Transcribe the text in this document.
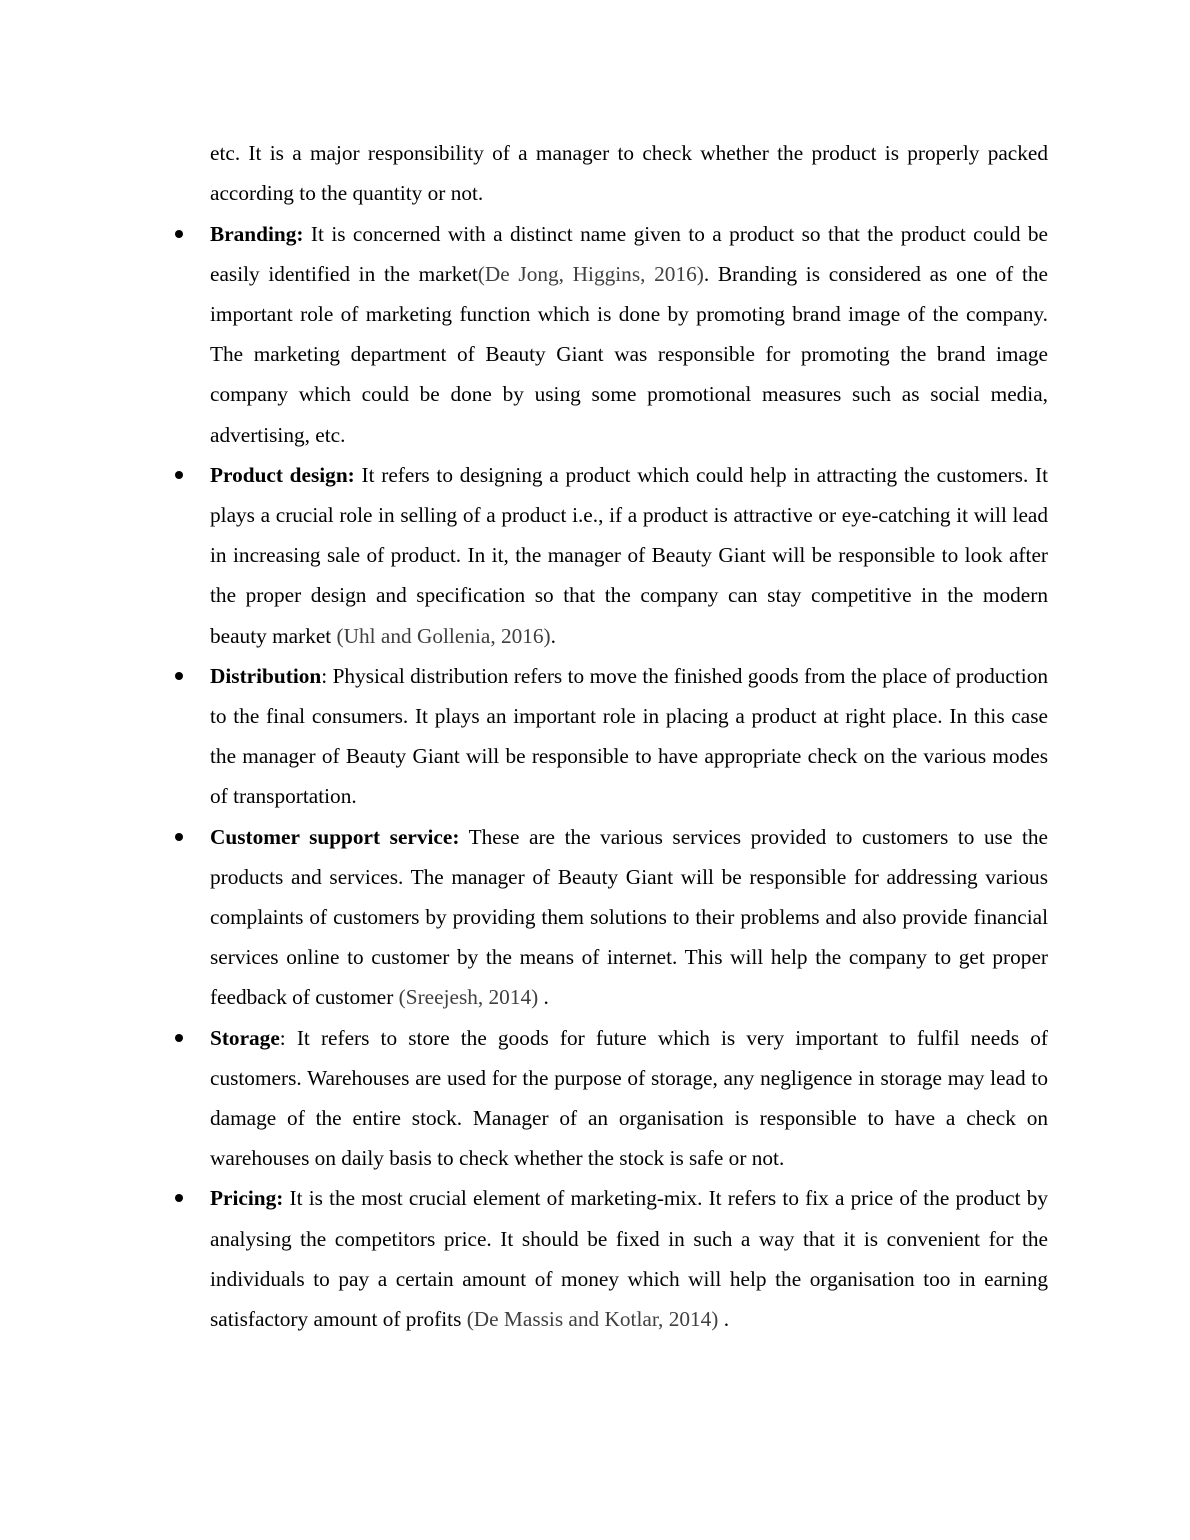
etc. It is a major responsibility of a manager to check whether the product is properly packed according to the quantity or not.

Branding: It is concerned with a distinct name given to a product so that the product could be easily identified in the market(De Jong, Higgins, 2016). Branding is considered as one of the important role of marketing function which is done by promoting brand image of the company. The marketing department of Beauty Giant was responsible for promoting the brand image company which could be done by using some promotional measures such as social media, advertising, etc.
Product design: It refers to designing a product which could help in attracting the customers. It plays a crucial role in selling of a product i.e., if a product is attractive or eye-catching it will lead in increasing sale of product. In it, the manager of Beauty Giant will be responsible to look after the proper design and specification so that the company can stay competitive in the modern beauty market (Uhl and Gollenia, 2016).
Distribution: Physical distribution refers to move the finished goods from the place of production to the final consumers. It plays an important role in placing a product at right place. In this case the manager of Beauty Giant will be responsible to have appropriate check on the various modes of transportation.
Customer support service: These are the various services provided to customers to use the products and services. The manager of Beauty Giant will be responsible for addressing various complaints of customers by providing them solutions to their problems and also provide financial services online to customer by the means of internet. This will help the company to get proper feedback of customer (Sreejesh, 2014) .
Storage: It refers to store the goods for future which is very important to fulfil needs of customers. Warehouses are used for the purpose of storage, any negligence in storage may lead to damage of the entire stock. Manager of an organisation is responsible to have a check on warehouses on daily basis to check whether the stock is safe or not.
Pricing: It is the most crucial element of marketing-mix. It refers to fix a price of the product by analysing the competitors price. It should be fixed in such a way that it is convenient for the individuals to pay a certain amount of money which will help the organisation too in earning satisfactory amount of profits (De Massis and Kotlar, 2014) .
